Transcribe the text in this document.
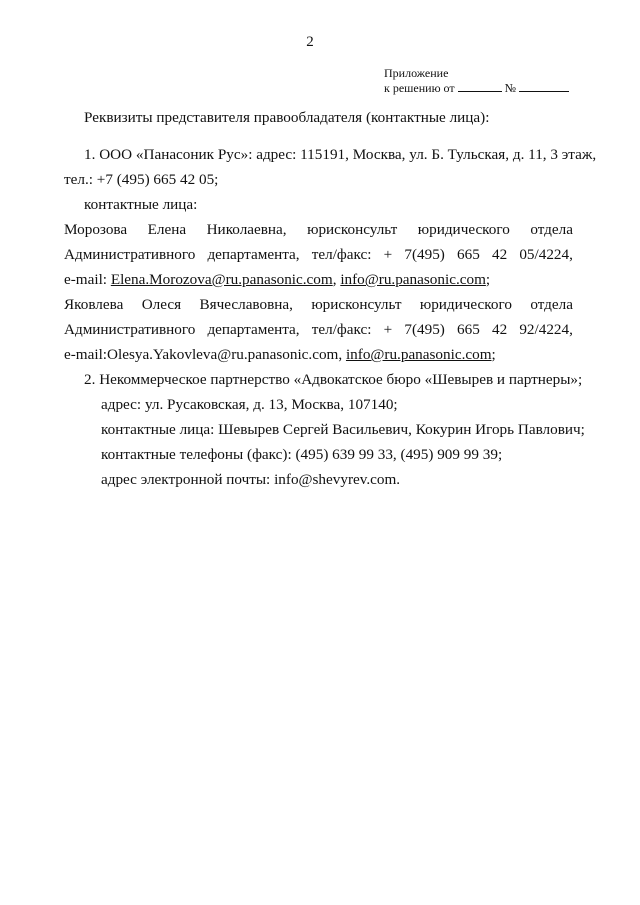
2
Приложение
к решению от	№
Реквизиты представителя правообладателя (контактные лица):
1. ООО «Панасоник Рус»: адрес: 115191, Москва, ул. Б. Тульская, д. 11, 3 этаж,
тел.: +7 (495) 665 42 05;
контактные лица:
Морозова Елена Николаевна, юрисконсульт юридического отдела
Административного департамента, тел/факс: + 7(495) 665 42 05/4224,
e-mail: Elena.Morozova@ru.panasonic.com, info@ru.panasonic.com;
Яковлева Олеся Вячеславовна, юрисконсульт юридического отдела
Административного департамента, тел/факс: + 7(495) 665 42 92/4224,
e-mail:Olesya.Yakovleva@ru.panasonic.com, info@ru.panasonic.com;
2. Некоммерческое партнерство «Адвокатское бюро «Шевырев и партнеры»;
адрес: ул. Русаковская, д. 13, Москва, 107140;
контактные лица: Шевырев Сергей Васильевич, Кокурин Игорь Павлович;
контактные телефоны (факс): (495) 639 99 33, (495) 909 99 39;
адрес электронной почты: info@shevyrev.com.
